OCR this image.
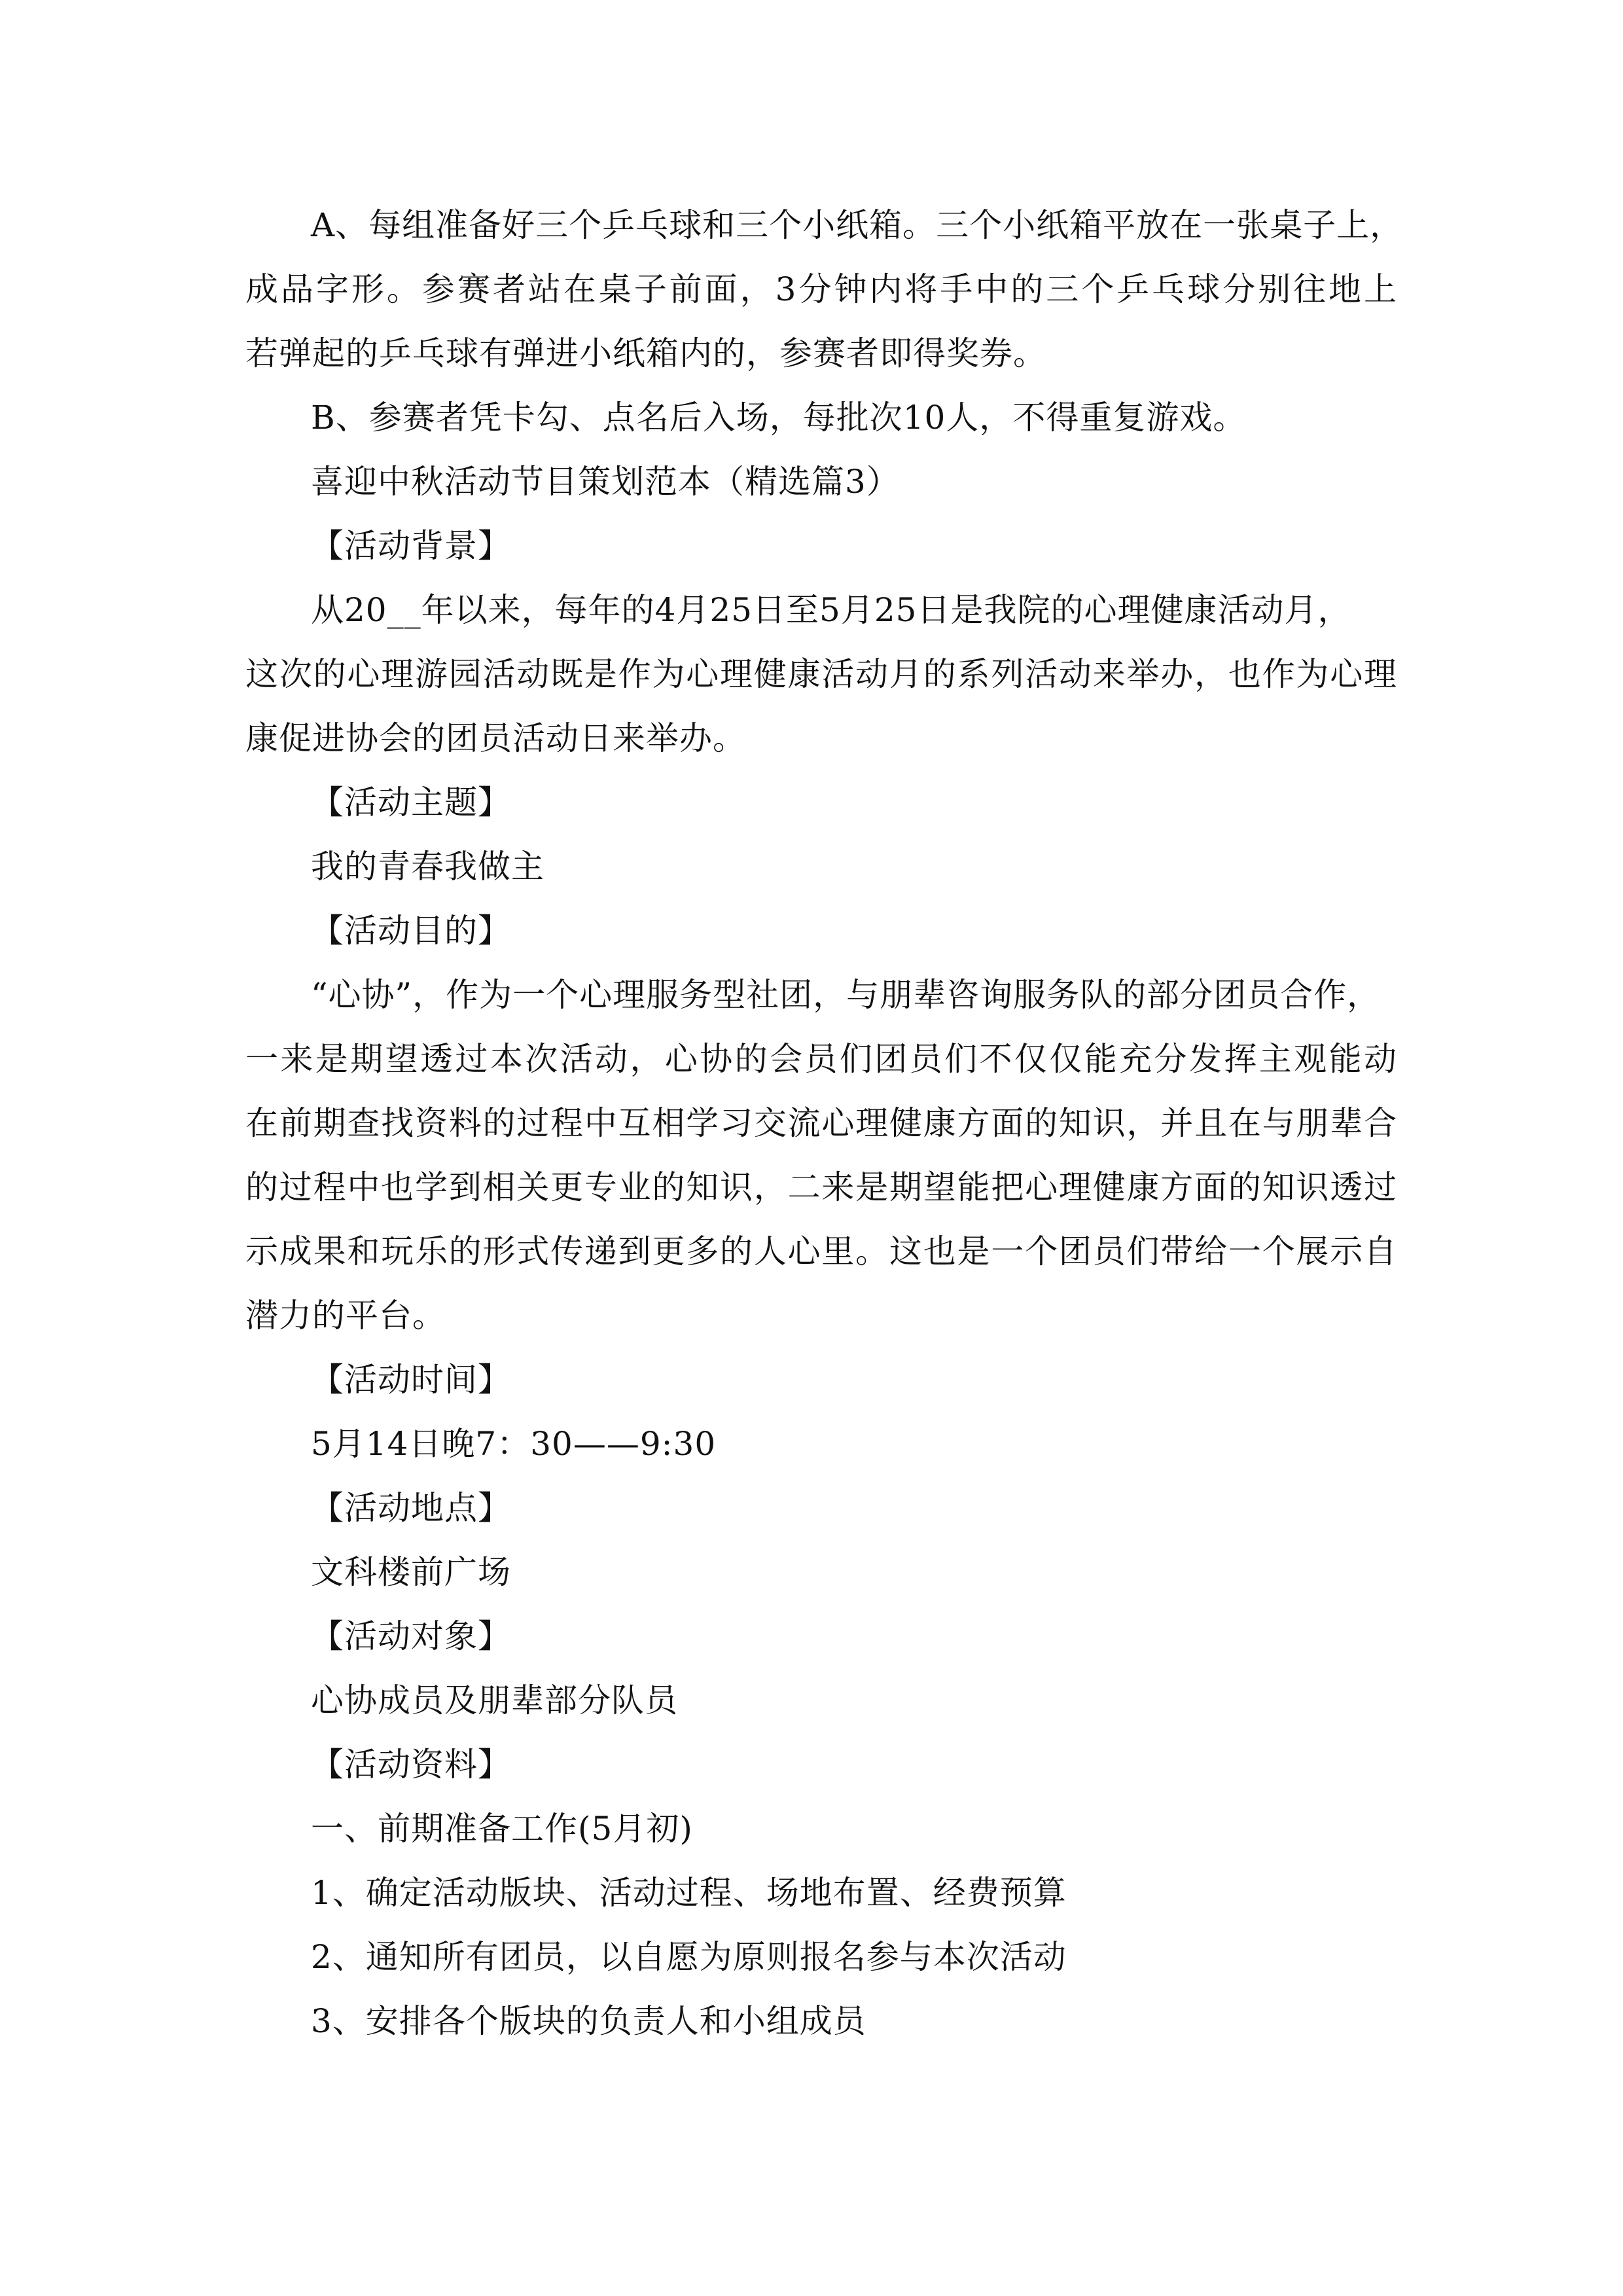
A、每组准备好三个乒乓球和三个小纸箱。三个小纸箱平放在一张桌子上，
成品字形。参赛者站在桌子前面，3分钟内将手中的三个乒乓球分别往地上
若弹起的乒乓球有弹进小纸箱内的，参赛者即得奖券。
B、参赛者凭卡勾、点名后入场，每批次10人，不得重复游戏。
喜迎中秋活动节目策划范本（精选篇3）
【活动背景】
从20__年以来，每年的4月25日至5月25日是我院的心理健康活动月，
这次的心理游园活动既是作为心理健康活动月的系列活动来举办，也作为心理
康促进协会的团员活动日来举办。
【活动主题】
我的青春我做主
【活动目的】
“心协”，作为一个心理服务型社团，与朋辈咨询服务队的部分团员合作，
一来是期望透过本次活动，心协的会员们团员们不仅仅能充分发挥主观能动
在前期查找资料的过程中互相学习交流心理健康方面的知识，并且在与朋辈合
的过程中也学到相关更专业的知识，二来是期望能把心理健康方面的知识透过
示成果和玩乐的形式传递到更多的人心里。这也是一个团员们带给一个展示自
潜力的平台。
【活动时间】
5月14日晚7：30——9:30
【活动地点】
文科楼前广场
【活动对象】
心协成员及朋辈部分队员
【活动资料】
一、前期准备工作(5月初)
1、确定活动版块、活动过程、场地布置、经费预算
2、通知所有团员，以自愿为原则报名参与本次活动
3、安排各个版块的负责人和小组成员
